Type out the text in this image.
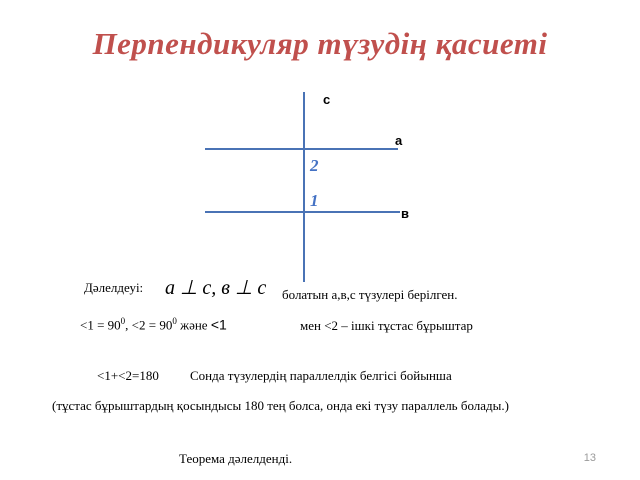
Перпендикуляр түзудің қасиеті
с
а
в
2
1
Дәлелдеуі: а ⊥ с, в ⊥ с болатын а,в,с түзулері берілген.
$<1 = 90^0$, $<2 = 90^0$ және <1	мен <2 – ішкі тұстас бұрыштар
<1+<2=180 Сонда түзулердің параллелдік белгісі бойынша
(тұстас бұрыштардың қосындысы 180 тең болса, онда екі түзу параллель болады.)
Теорема дәлелденді.	13
